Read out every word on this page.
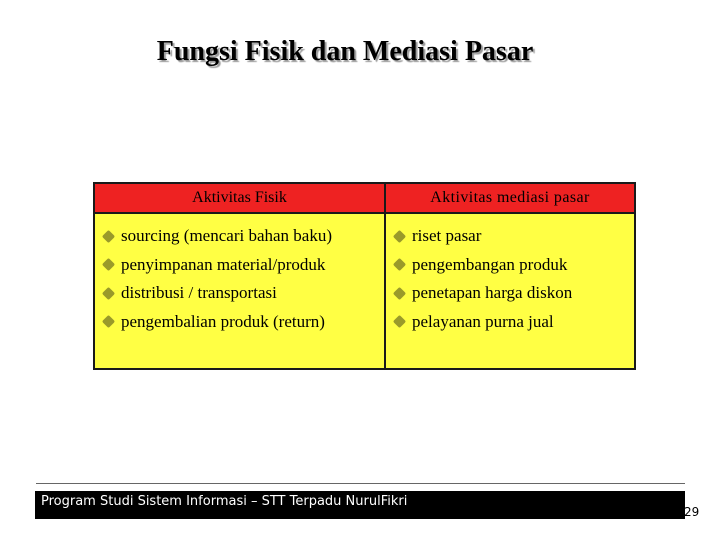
Fungsi Fisik dan Mediasi Pasar
Aktivitas Fisik
sourcing (mencari bahan baku)
penyimpanan material/produk
distribusi / transportasi
pengembalian produk (return)
Aktivitas mediasi pasar
riset pasar
pengembangan produk
penetapan harga diskon
pelayanan purna jual
Program Studi Sistem Informasi – STT Terpadu NurulFikri
29
